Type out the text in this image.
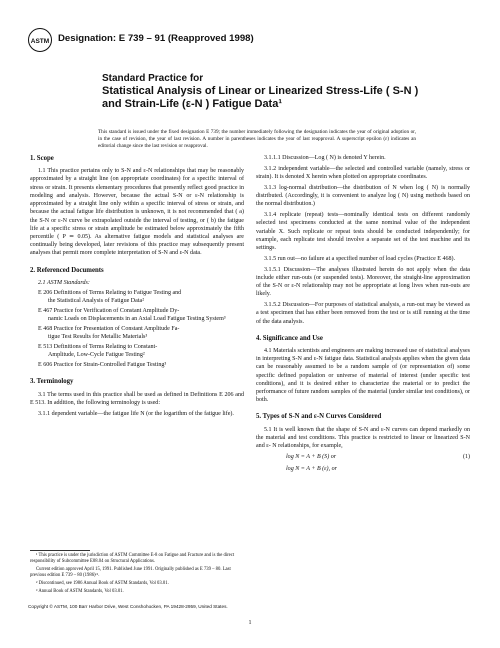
ASTM Designation: E 739 – 91 (Reapproved 1998)
Standard Practice for
Statistical Analysis of Linear or Linearized Stress-Life ( S-N )
and Strain-Life (ε-N ) Fatigue Data¹
This standard is issued under the fixed designation E 739; the number immediately following the designation indicates the year of original adoption or, in the case of revision, the year of last revision. A number in parentheses indicates the year of last reapproval. A superscript epsilon (ε) indicates an editorial change since the last revision or reapproval.
1. Scope

1.1 This practice pertains only to S-N and ε-N relationships that may be reasonably approximated by a straight line (on appropriate coordinates) for a specific interval of stress or strain. It presents elementary procedures that presently reflect good practice in modeling and analysis. However, because the actual S-N or ε-N relationship is approximated by a straight line only within a specific interval of stress or strain, and because the actual fatigue life distribution is unknown, it is not recommended that ( a) the S-N or ε-N curve be extrapolated outside the interval of testing, or ( b) the fatigue life at a specific stress or strain amplitude be estimated below approximately the fifth percentile ( P ≃ 0.05). As alternative fatigue models and statistical analyses are continually being developed, later revisions of this practice may subsequently present analyses that permit more complete interpretation of S-N and ε-N data.

2. Referenced Documents
2.1 ASTM Standards:
E 206 Definitions of Terms Relating to Fatigue Testing and
the Statistical Analysis of Fatigue Data²
E 467 Practice for Verification of Constant Amplitude Dy-
namic Loads on Displacements in an Axial Load Fatigue Testing System³
E 468 Practice for Presentation of Constant Amplitude Fa-
tigue Test Results for Metallic Materials³
E 513 Definitions of Terms Relating to Constant-
Amplitude, Low-Cycle Fatigue Testing²
E 606 Practice for Strain-Controlled Fatigue Testing³
3. Terminology

3.1 The terms used in this practice shall be used as defined in Definitions E 206 and E 513. In addition, the following terminology is used:

3.1.1 dependent variable—the fatigue life N (or the logarithm of the fatigue life).

¹ This practice is under the jurisdiction of ASTM Committee E-8 on Fatigue and Fracture and is the direct responsibility of Subcommittee E08.04 on Structural Applications.

Current edition approved April 15, 1991. Published June 1991. Originally published as E 739 – 80. Last previous edition E 739 – 80 (1986)ᵉ¹.

² Discontinued, see 1986 Annual Book of ASTM Standards, Vol 03.01.

³ Annual Book of ASTM Standards, Vol 03.01.

3.1.1.1 Discussion—Log ( N) is denoted Y herein.

3.1.2 independent variable—the selected and controlled variable (namely, stress or strain). It is denoted X herein when plotted on appropriate coordinates.

3.1.3 log-normal distribution—the distribution of N when log ( N) is normally distributed. (Accordingly, it is convenient to analyze log ( N) using methods based on the normal distribution.)

3.1.4 replicate (repeat) tests—nominally identical tests on different randomly selected test specimens conducted at the same nominal value of the independent variable X. Such replicate or repeat tests should be conducted independently; for example, each replicate test should involve a separate set of the test machine and its settings.

3.1.5 run out—no failure at a specified number of load cycles (Practice E 468).

3.1.5.1 Discussion—The analyses illustrated herein do not apply when the data include either run-outs (or suspended tests). Moreover, the straight-line approximation of the S-N or ε-N relationship may not be appropriate at long lives when run-outs are likely.

3.1.5.2 Discussion—For purposes of statistical analysis, a run-out may be viewed as a test specimen that has either been removed from the test or is still running at the time of the data analysis.

4. Significance and Use

4.1 Materials scientists and engineers are making increased use of statistical analyses in interpreting S-N and ε-N fatigue data. Statistical analysis applies when the given data can be reasonably assumed to be a random sample of (or representation of) some specific defined population or universe of material of interest (under specific test conditions), and it is desired either to characterize the material or to predict the performance of future random samples of the material (under similar test conditions), or both.

5. Types of S-N and ε-N Curves Considered

5.1 It is well known that the shape of S-N and ε-N curves can depend markedly on the material and test conditions. This practice is restricted to linear or linearized S-N and ε- N relationships, for example,

log N = A + B (S) or	(1)
log N = A + B (ε), or
Copyright © ASTM, 100 Barr Harbor Drive, West Conshohocken, PA 19428-2959, United States.
1
